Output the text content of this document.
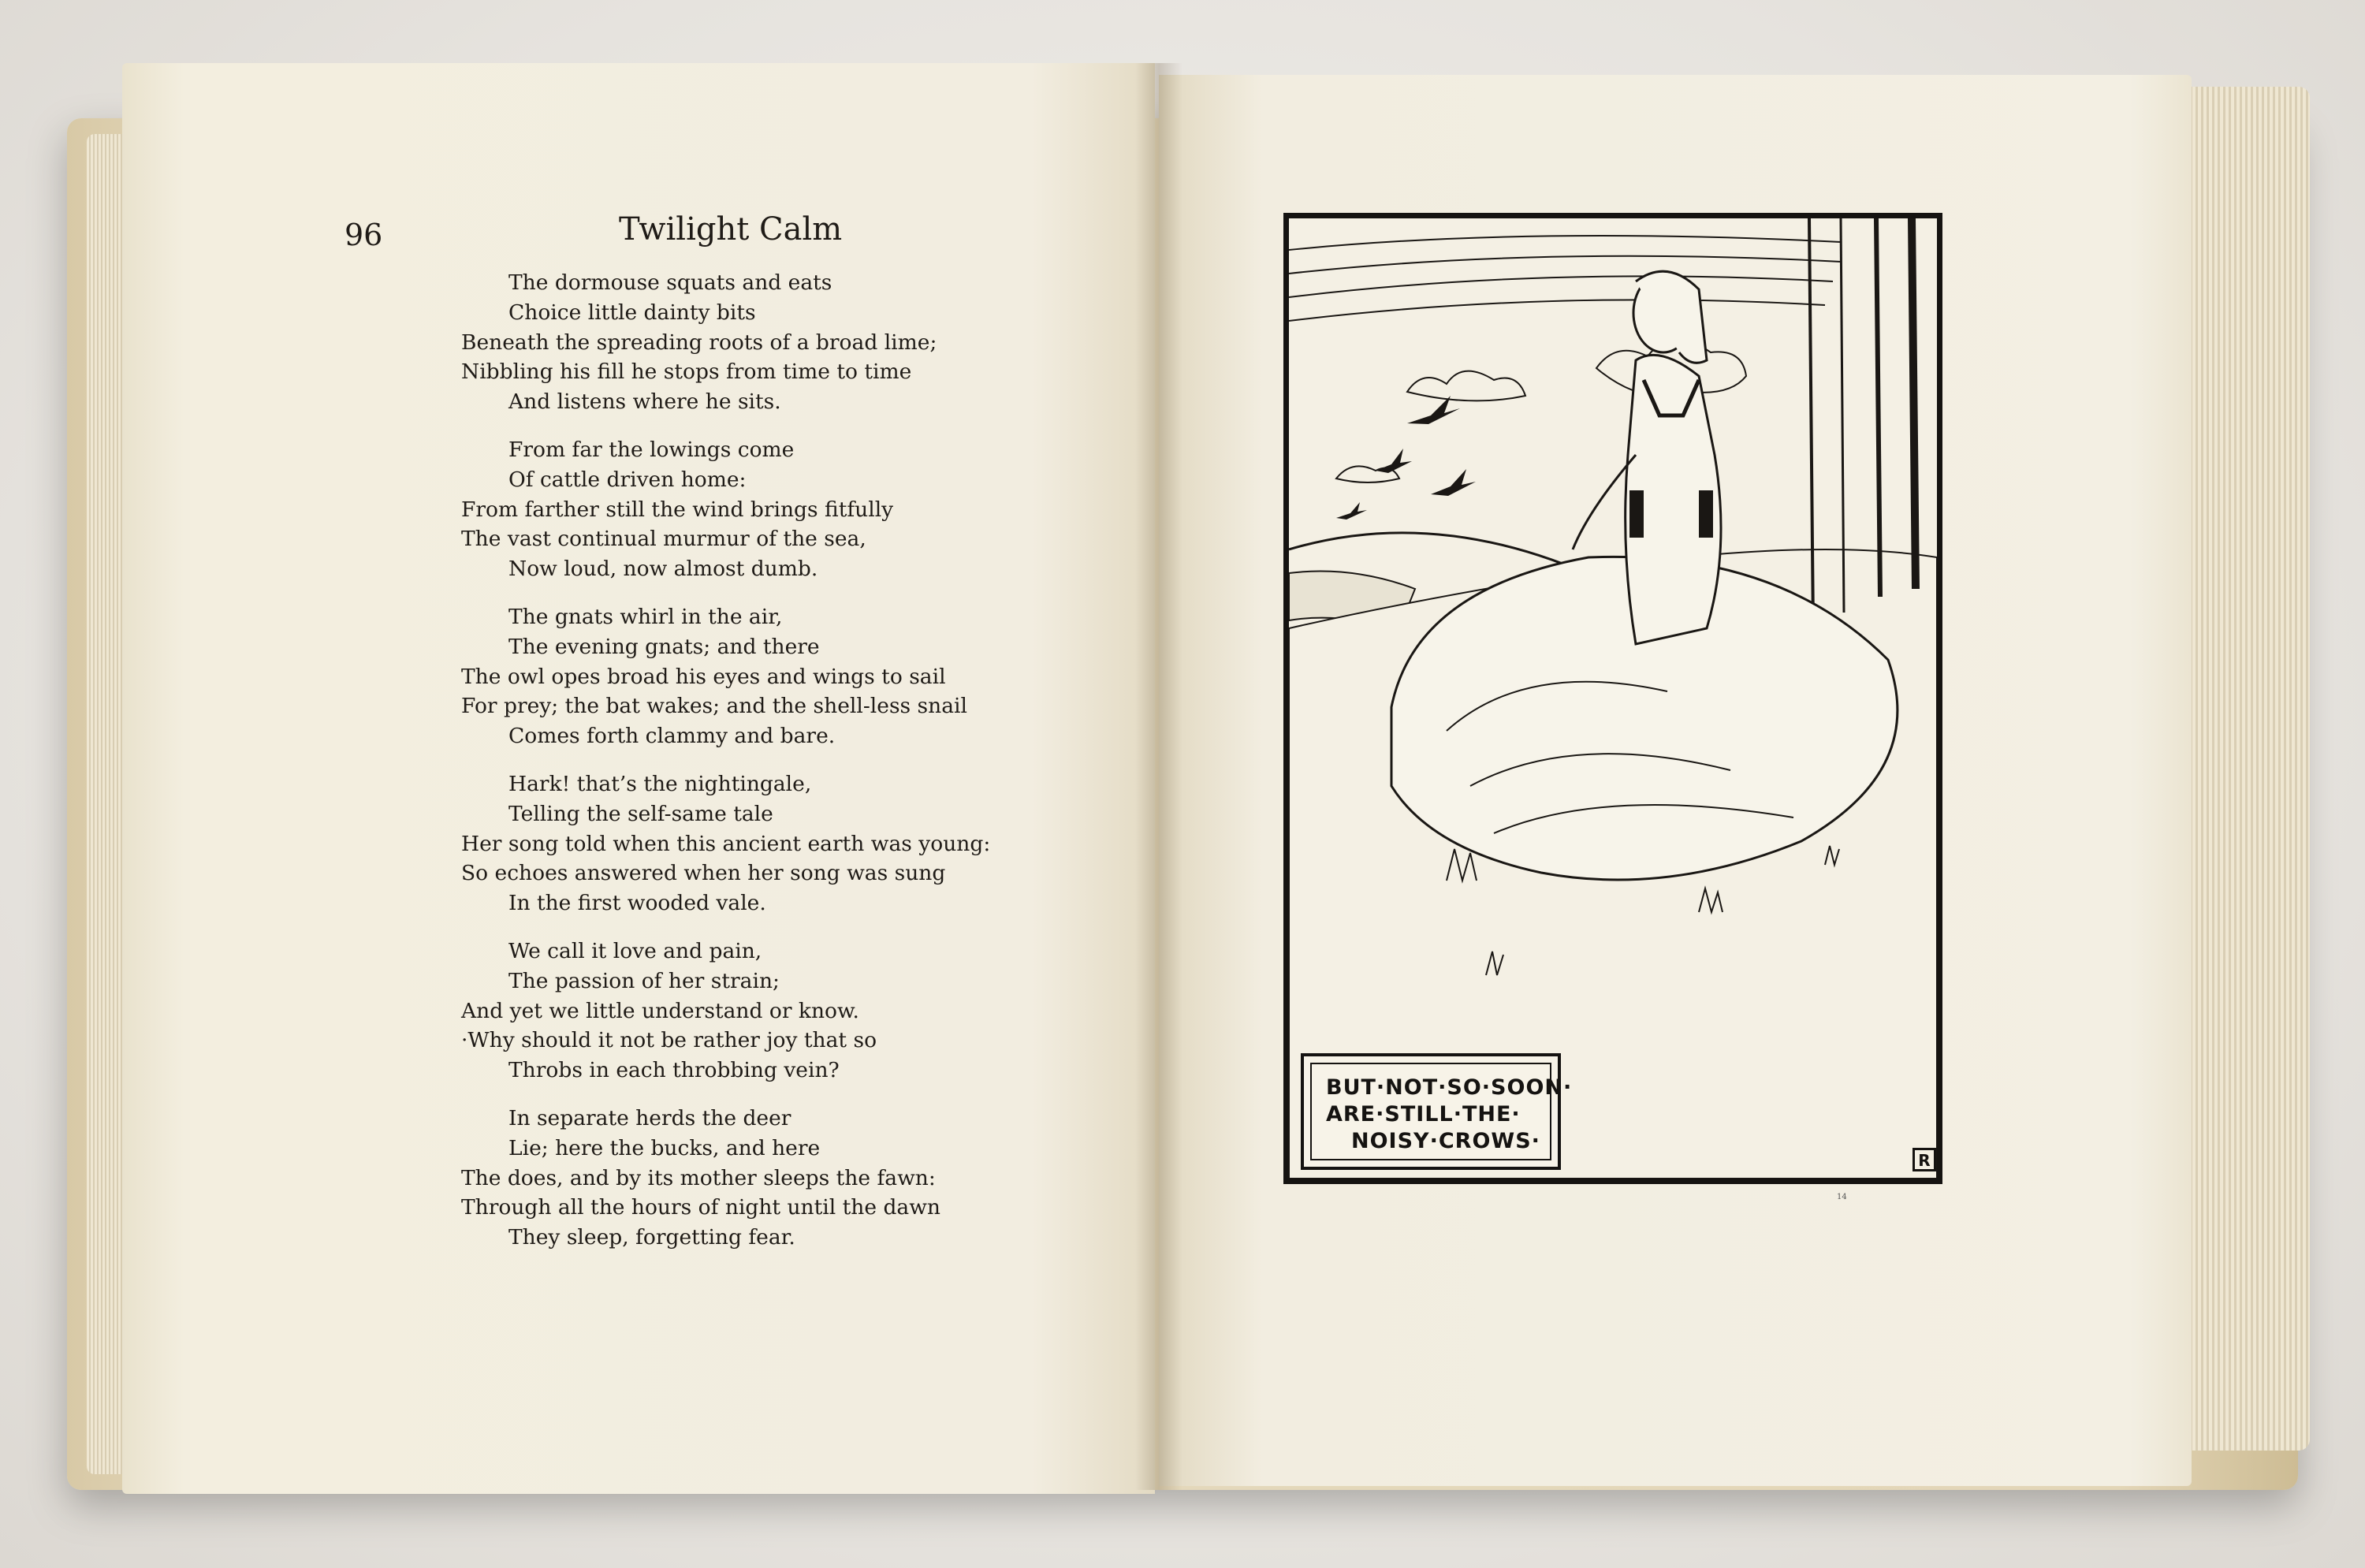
96	Twilight Calm
The dormouse squats and eats
Choice little dainty bits
Beneath the spreading roots of a broad lime;
Nibbling his fill he stops from time to time
And listens where he sits.
From far the lowings come
Of cattle driven home:
From farther still the wind brings fitfully
The vast continual murmur of the sea,
Now loud, now almost dumb.
The gnats whirl in the air,
The evening gnats; and there
The owl opes broad his eyes and wings to sail
For prey; the bat wakes; and the shell-less snail
Comes forth clammy and bare.
Hark! that’s the nightingale,
Telling the self-same tale
Her song told when this ancient earth was young:
So echoes answered when her song was sung
In the first wooded vale.
We call it love and pain,
The passion of her strain;
And yet we little understand or know.
·Why should it not be rather joy that so
Throbs in each throbbing vein?
In separate herds the deer
Lie; here the bucks, and here
The does, and by its mother sleeps the fawn:
Through all the hours of night until the dawn
They sleep, forgetting fear.
BUT·NOT·SO·SOON·
ARE·STILL·THE·
NOISY·CROWS·
R
14
